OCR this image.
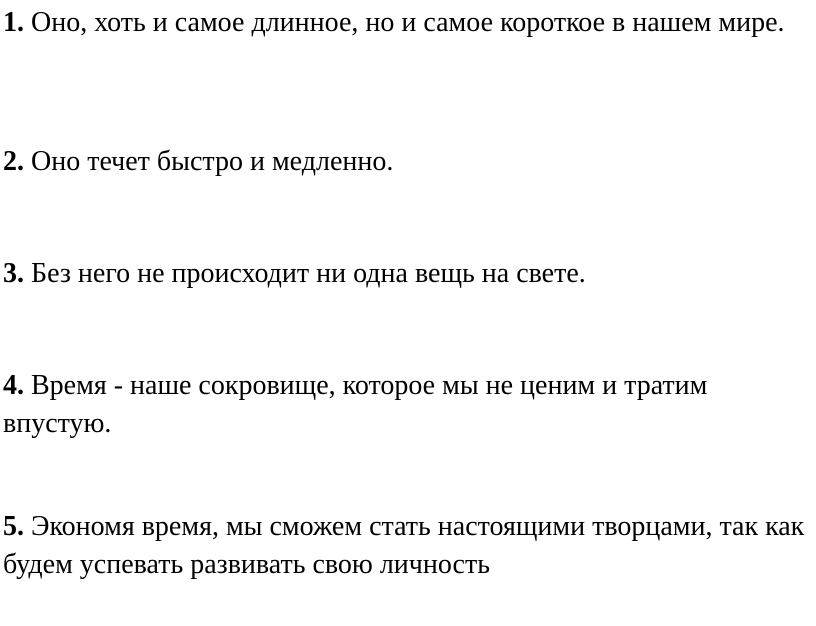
1. Оно, хоть и самое длинное, но и самое короткое в нашем мире.

2. Оно течет быстро и медленно.

3. Без него не происходит ни одна вещь на свете.

4. Время - наше сокровище, которое мы не ценим и тратим впустую.

5. Экономя время, мы сможем стать настоящими творцами, так как будем успевать развивать свою личность
